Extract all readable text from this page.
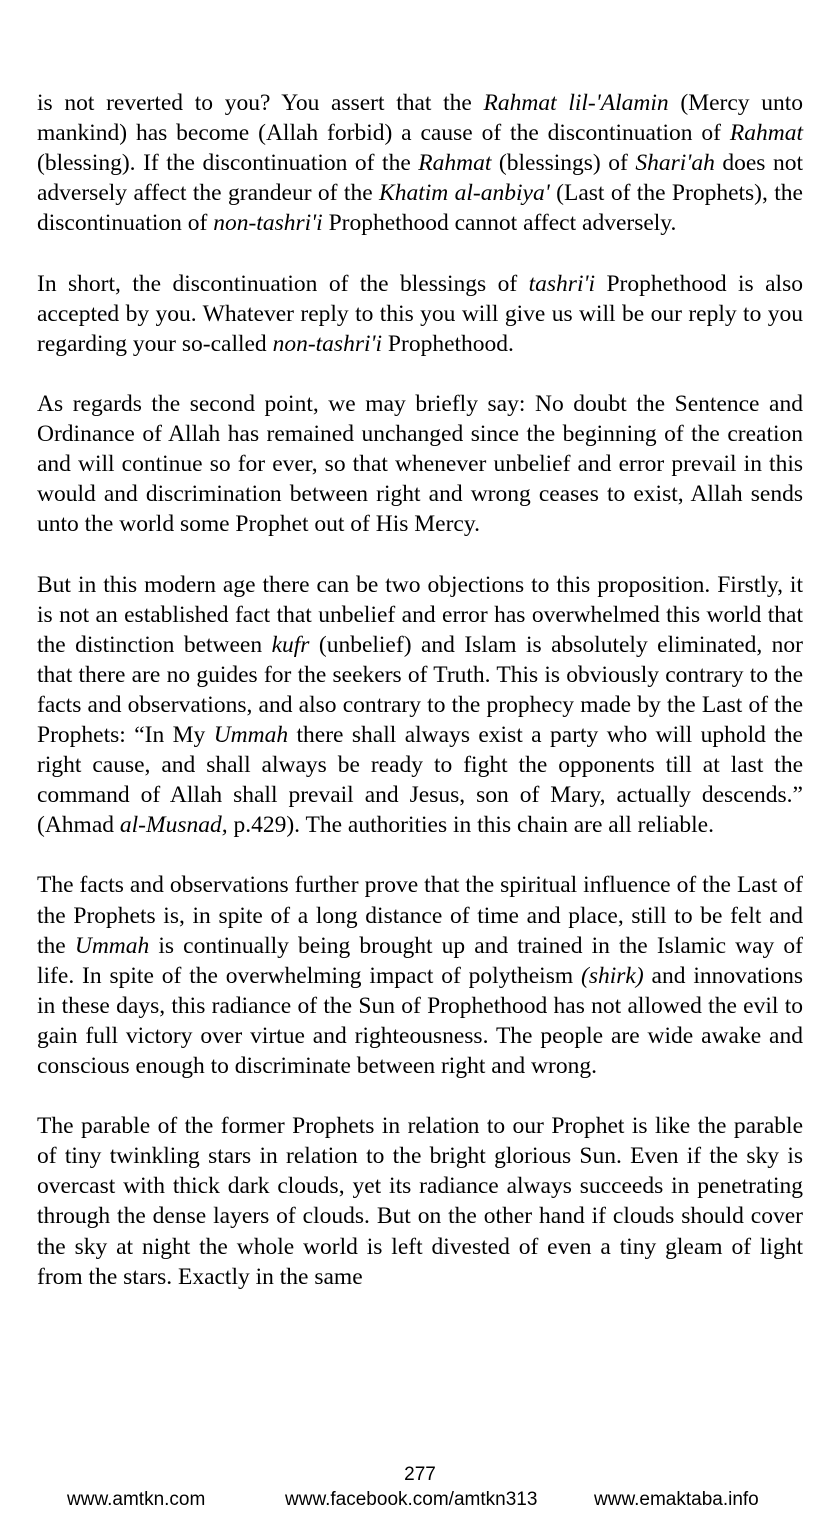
is not reverted to you? You assert that the Rahmat lil-'Alamin (Mercy unto mankind) has become (Allah forbid) a cause of the discontinuation of Rahmat (blessing). If the discontinuation of the Rahmat (blessings) of Shari'ah does not adversely affect the grandeur of the Khatim al-anbiya' (Last of the Prophets), the discontinuation of non-tashri'i Prophethood cannot affect adversely.

In short, the discontinuation of the blessings of tashri'i Prophethood is also accepted by you. Whatever reply to this you will give us will be our reply to you regarding your so-called non-tashri'i Prophethood.

As regards the second point, we may briefly say: No doubt the Sentence and Ordinance of Allah has remained unchanged since the beginning of the creation and will continue so for ever, so that whenever unbelief and error prevail in this would and discrimination between right and wrong ceases to exist, Allah sends unto the world some Prophet out of His Mercy.

But in this modern age there can be two objections to this proposition. Firstly, it is not an established fact that unbelief and error has overwhelmed this world that the distinction between kufr (unbelief) and Islam is absolutely eliminated, nor that there are no guides for the seekers of Truth. This is obviously contrary to the facts and observations, and also contrary to the prophecy made by the Last of the Prophets: “In My Ummah there shall always exist a party who will uphold the right cause, and shall always be ready to fight the opponents till at last the command of Allah shall prevail and Jesus, son of Mary, actually descends.” (Ahmad al-Musnad, p.429). The authorities in this chain are all reliable.

The facts and observations further prove that the spiritual influence of the Last of the Prophets is, in spite of a long distance of time and place, still to be felt and the Ummah is continually being brought up and trained in the Islamic way of life. In spite of the overwhelming impact of polytheism (shirk) and innovations in these days, this radiance of the Sun of Prophethood has not allowed the evil to gain full victory over virtue and righteousness. The people are wide awake and conscious enough to discriminate between right and wrong.

The parable of the former Prophets in relation to our Prophet is like the parable of tiny twinkling stars in relation to the bright glorious Sun. Even if the sky is overcast with thick dark clouds, yet its radiance always succeeds in penetrating through the dense layers of clouds. But on the other hand if clouds should cover the sky at night the whole world is left divested of even a tiny gleam of light from the stars. Exactly in the same

277
www.amtkn.com	www.facebook.com/amtkn313	www.emaktaba.info
